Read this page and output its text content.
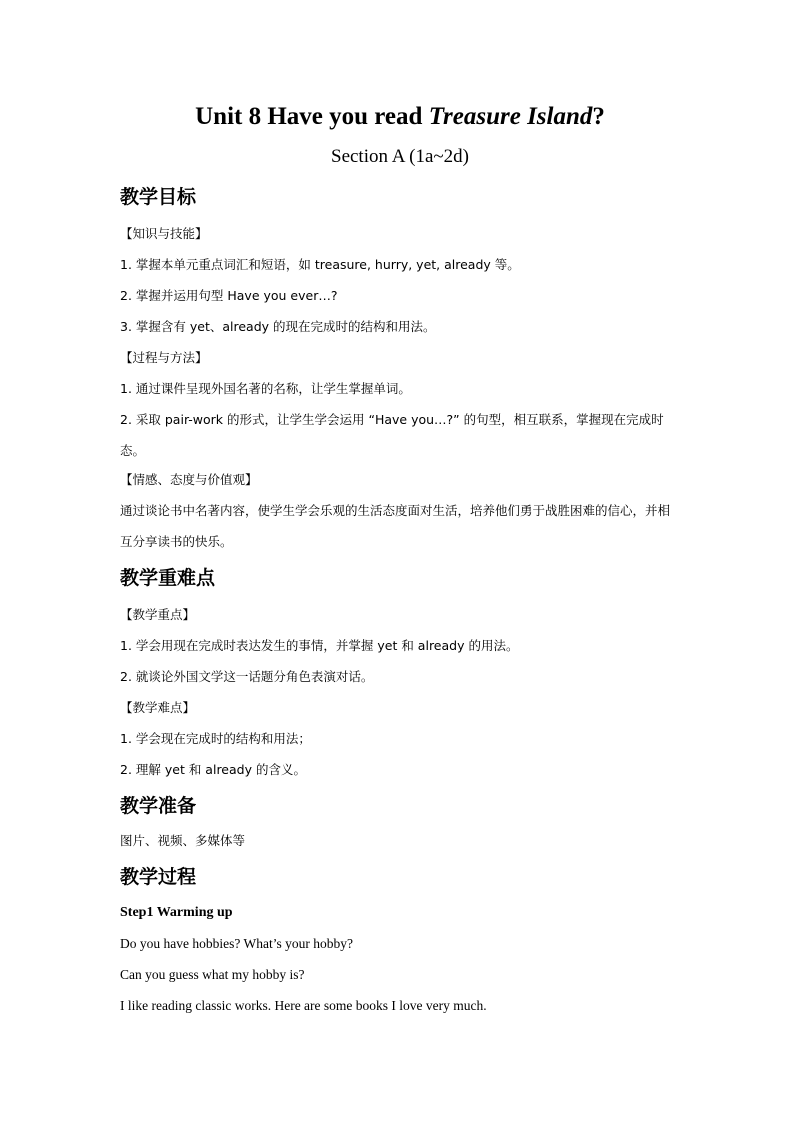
Unit 8 Have you read Treasure Island?

Section A (1a~2d)

教学目标

【知识与技能】

1. 掌握本单元重点词汇和短语，如 treasure, hurry, yet, already 等。

2. 掌握并运用句型 Have you ever…?

3. 掌握含有 yet、already 的现在完成时的结构和用法。

【过程与方法】

1. 通过课件呈现外国名著的名称，让学生掌握单词。

2. 采取 pair-work 的形式，让学生学会运用 “Have you…?” 的句型，相互联系，掌握现在完成时态。

【情感、态度与价值观】

通过谈论书中名著内容，使学生学会乐观的生活态度面对生活，培养他们勇于战胜困难的信心，并相互分享读书的快乐。

教学重难点

【教学重点】

1. 学会用现在完成时表达发生的事情，并掌握 yet 和 already 的用法。

2. 就谈论外国文学这一话题分角色表演对话。

【教学难点】

1. 学会现在完成时的结构和用法；

2. 理解 yet 和 already 的含义。

教学准备

图片、视频、多媒体等

教学过程

Step1 Warming up

Do you have hobbies? What’s your hobby?

Can you guess what my hobby is?

I like reading classic works. Here are some books I love very much.
